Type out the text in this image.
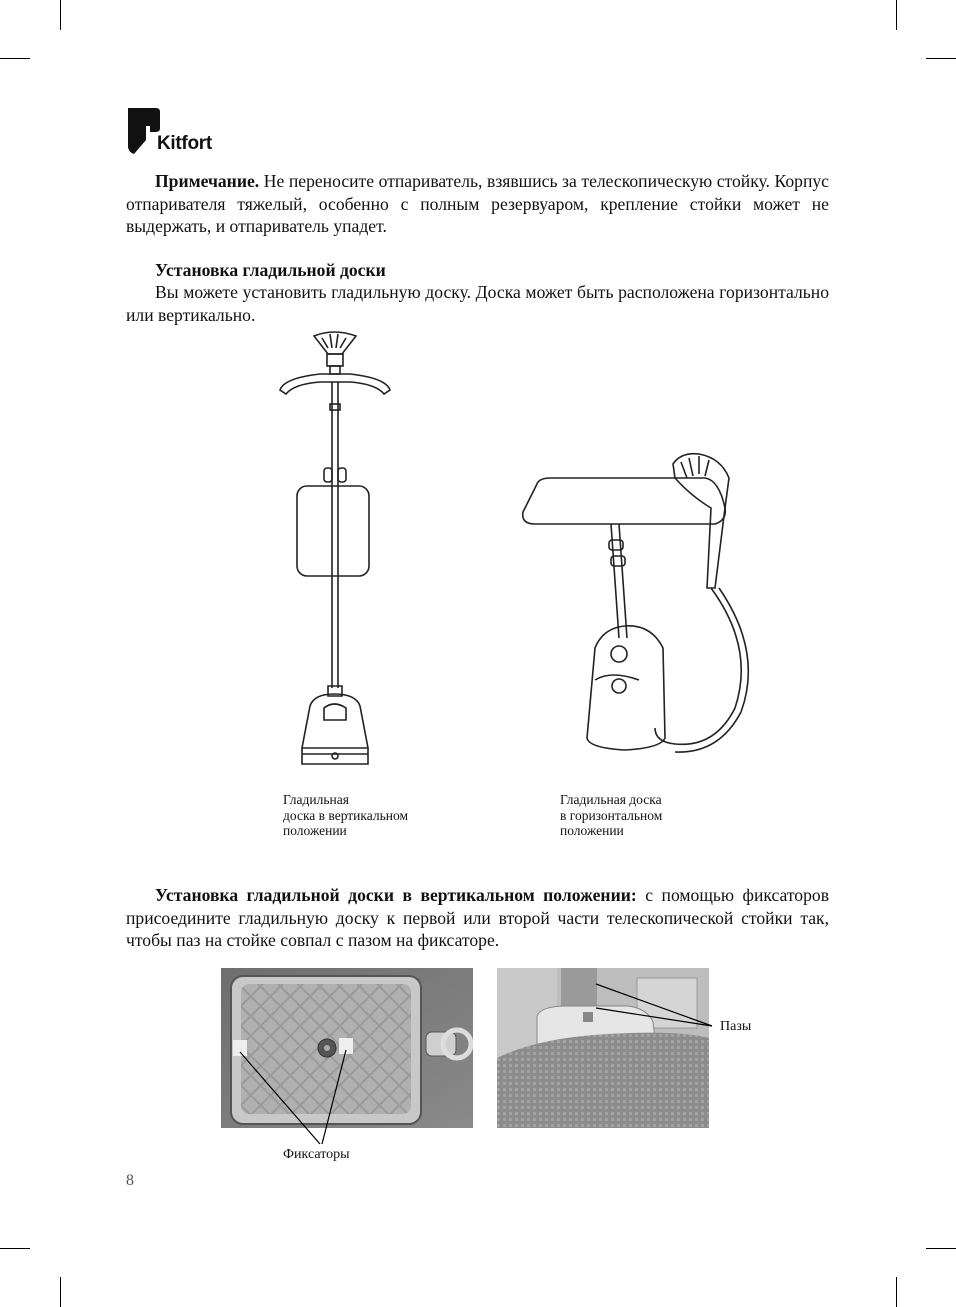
Kitfort
Примечание. Не переносите отпариватель, взявшись за телескопическую стойку. Корпус отпаривателя тяжелый, особенно с полным резервуаром, крепление стойки может не выдержать, и отпариватель упадет.
Установка гладильной доски
Вы можете установить гладильную доску. Доска может быть расположена горизонтально или вертикально.
Гладильная
доска в вертикальном
положении
Гладильная доска
в горизонтальном
положении
Установка гладильной доски в вертикальном положении: с помощью фиксаторов присоедините гладильную доску к первой или второй части телескопической стойки так, чтобы паз на стойке совпал с пазом на фиксаторе.
Фиксаторы
Пазы
8
